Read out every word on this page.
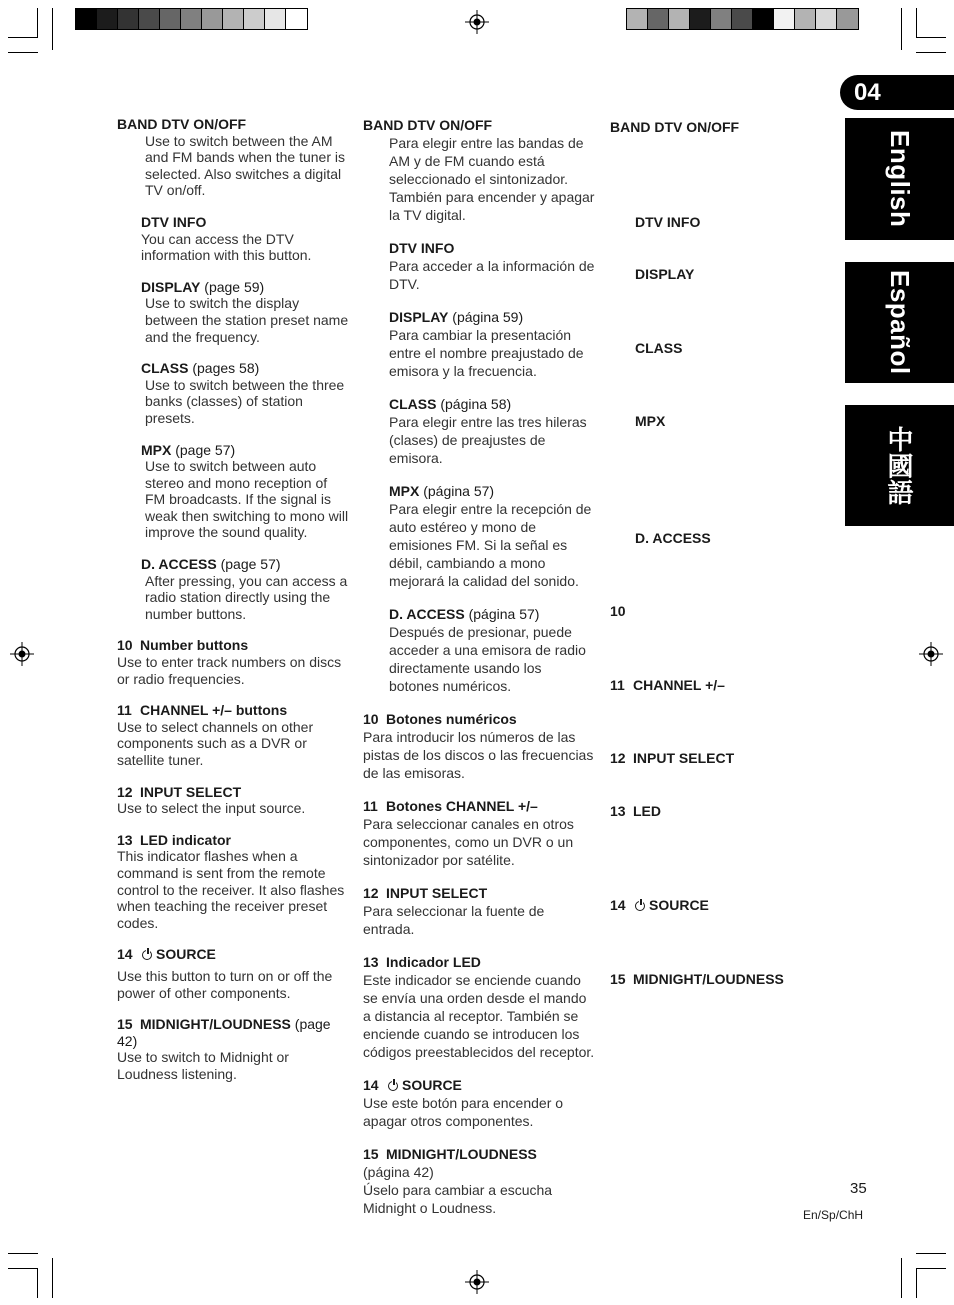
04
English
Español
中國語
BAND DTV ON/OFF
Use to switch between the AM and FM bands when the tuner is selected. Also switches a digital TV on/off.
DTV INFO
You can access the DTV information with this button.
DISPLAY (page 59)
Use to switch the display between the station preset name and the frequency.
CLASS (pages 58)
Use to switch between the three banks (classes) of station presets.
MPX (page 57)
Use to switch between auto stereo and mono reception of FM broadcasts. If the signal is weak then switching to mono will improve the sound quality.
D. ACCESS (page 57)
After pressing, you can access a radio station directly using the number buttons.
10 Number buttons
Use to enter track numbers on discs or radio frequencies.
11 CHANNEL +/– buttons
Use to select channels on other components such as a DVR or satellite tuner.
12 INPUT SELECT
Use to select the input source.
13 LED indicator
This indicator flashes when a command is sent from the remote control to the receiver. It also flashes when teaching the receiver preset codes.
14 SOURCE
Use this button to turn on or off the power of other components.
15 MIDNIGHT/LOUDNESS (page 42)
Use to switch to Midnight or Loudness listening.
BAND DTV ON/OFF
Para elegir entre las bandas de AM y de FM cuando está seleccionado el sintonizador. También para encender y apagar la TV digital.
DTV INFO
Para acceder a la información de DTV.
DISPLAY (página 59)
Para cambiar la presentación entre el nombre preajustado de emisora y la frecuencia.
CLASS (página 58)
Para elegir entre las tres hileras (clases) de preajustes de emisora.
MPX (página 57)
Para elegir entre la recepción de auto estéreo y mono de emisiones FM. Si la señal es débil, cambiando a mono mejorará la calidad del sonido.
D. ACCESS (página 57)
Después de presionar, puede acceder a una emisora de radio directamente usando los botones numéricos.
10 Botones numéricos
Para introducir los números de las pistas de los discos o las frecuencias de las emisoras.
11 Botones CHANNEL +/–
Para seleccionar canales en otros componentes, como un DVR o un sintonizador por satélite.
12 INPUT SELECT
Para seleccionar la fuente de entrada.
13 Indicador LED
Este indicador se enciende cuando se envía una orden desde el mando a distancia al receptor. También se enciende cuando se introducen los códigos preestablecidos del receptor.
14 SOURCE
Use este botón para encender o apagar otros componentes.
15 MIDNIGHT/LOUDNESS
(página 42)
Úselo para cambiar a escucha Midnight o Loudness.
BAND DTV ON/OFF
DTV INFO
DISPLAY
CLASS
MPX
D. ACCESS
10
11 CHANNEL +/–
12 INPUT SELECT
13 LED
14 SOURCE
15 MIDNIGHT/LOUDNESS
35
En/Sp/ChH
